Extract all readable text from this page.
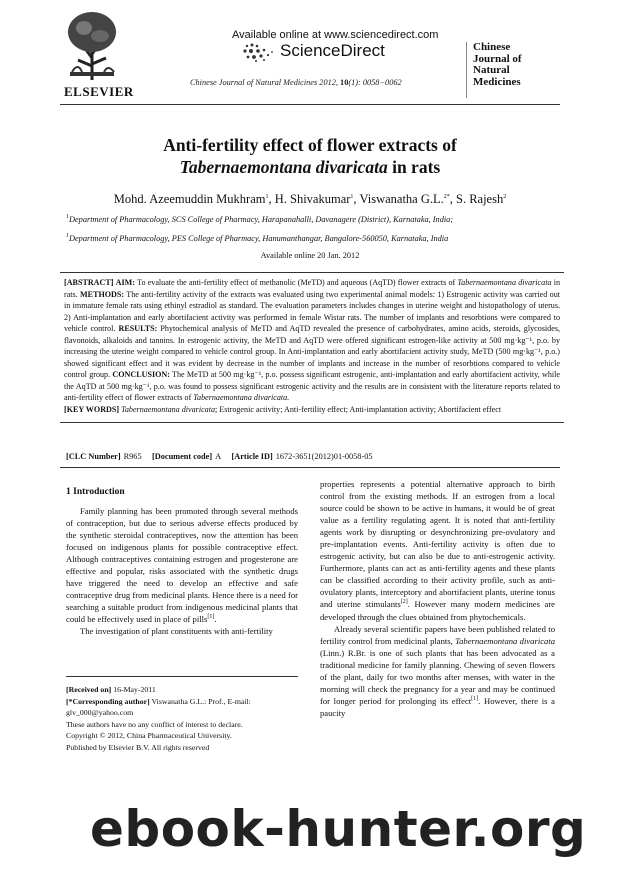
ELSEVIER
Available online at www.sciencedirect.com
ScienceDirect
Chinese Journal of Natural Medicines 2012, 10(1): 0058−0062
Chinese
Journal of
Natural
Medicines
Anti-fertility effect of flower extracts of
Tabernaemontana divaricata in rats
Mohd. Azeemuddin Mukhram$^1$, H. Shivakumar$^1$, Viswanatha G.L.$^{2*}$, S. Rajesh$^2$
$^1$Department of Pharmacology, SCS College of Pharmacy, Harapanahalli, Davanagere (District), Karnataka, India;
$^1$Department of Pharmacology, PES College of Pharmacy, Hanumanthangar, Bangalore-560050, Karnataka, India
Available online 20 Jan. 2012
[ABSTRACT] AIM: To evaluate the anti-fertility effect of methanolic (MeTD) and aqueous (AqTD) flower extracts of Tabernaemontana divaricata in rats. METHODS: The anti-fertility activity of the extracts was evaluated using two experimental animal models: 1) Estrogenic activity was carried out in immature female rats using ethinyl estradiol as standard. The evaluation parameters includes changes in uterine weight and histopathology of uterus. 2) Anti-implantation and early abortifacient activity was performed in female Wistar rats. The number of implants and resorbtions were compared to vehicle control. RESULTS: Phytochemical analysis of MeTD and AqTD revealed the presence of carbohydrates, amino acids, steroids, glycosides, flavonoids, alkaloids and tannins. In estrogenic activity, the MeTD and AqTD were offered significant estrogen-like activity at 500 mg·kg⁻¹, p.o. by increasing the uterine weight compared to vehicle control group. In Anti-implantation and early abortifacient activity study, MeTD (500 mg·kg⁻¹, p.o.) showed significant effect and it was evident by decrease in the number of implants and increase in the number of resorbtions compared to vehicle control group. CONCLUSION: The MeTD at 500 mg·kg⁻¹, p.o. possess significant estrogenic, anti-implantation and early abortifacient activity, while the AqTD at 500 mg·kg⁻¹, p.o. was found to possess significant estrogenic activity and the results are in consistent with the literature reports related to anti-fertility effect of flower extracts of Tabernaemontana divaricata.
[KEY WORDS] Tabernaemontana divaricata; Estrogenic activity; Anti-fertility effect; Anti-implantation activity; Abortifacient effect
[CLC Number] R965 [Document code] A [Article ID] 1672-3651(2012)01-0058-05
1 Introduction

Family planning has been promoted through several methods of contraception, but due to serious adverse effects produced by the synthetic steroidal contraceptives, now the attention has been focused on indigenous plants for possible contraceptive effect. Although contraceptives containing estrogen and progesterone are effective and popular, risks associated with the synthetic drugs have triggered the need to develop an effective and safe contraceptive drug from medicinal plants. Hence there is a need for searching a suitable product from indigenous medicinal plants that could be effectively used in place of pills[1].

The investigation of plant constituents with anti-fertility

[Received on] 16-May-2011
[*Corresponding author] Viswanatha G.L.: Prof., E-mail: glv_000@yahoo.com
These authors have no any conflict of interest to declare.
Copyright © 2012, China Pharmaceutical University.
Published by Elsevier B.V. All rights reserved

properties represents a potential alternative approach to birth control from the existing methods. If an estrogen from a local source could be shown to be active in humans, it would be of great value as a fertility regulating agent. It is noted that anti-fertility agents work by disrupting or desynchronizing pre-ovulatory and pre-implantation events. Anti-fertility activity is often due to estrogenic activity, but can also be due to anti-estrogenic activity. Furthermore, plants can act as anti-fertility agents and these plants can be classified according to their activity profile, such as anti-ovulatory plants, interceptory and abortifacient plants, uterine tonus and uterine stimulants[2]. However many modern medicines are developed through the clues obtained from phytochemicals.

Already several scientific papers have been published related to fertility control from medicinal plants, Tabernaemontana divaricata (Linn.) R.Br. is one of such plants that has been advocated as a traditional medicine for family planning. Chewing of seven flowers of the plant, daily for two months after menses, with water in the morning will check the pregnancy for a year and may be continued for longer period for prolonging its effect[1]. However, there is a paucity

ebook-hunter.org
